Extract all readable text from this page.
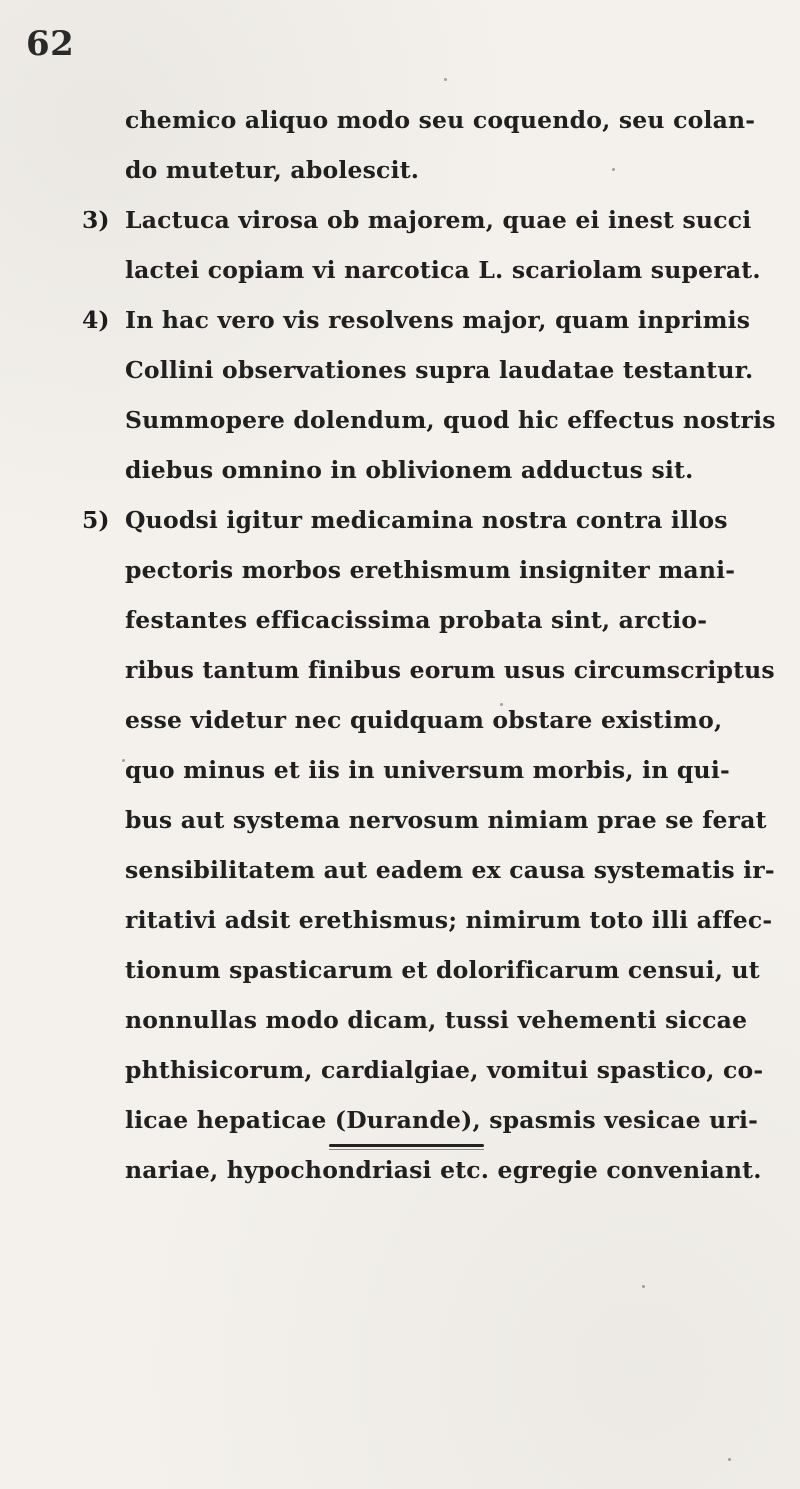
62
chemico aliquo modo seu coquendo, seu colan-
do mutetur, abolescit.
3) Lactuca virosa ob majorem, quae ei inest succi
lactei copiam vi narcotica L. scariolam superat.
4) In hac vero vis resolvens major, quam inprimis
Collini observationes supra laudatae testantur.
Summopere dolendum, quod hic effectus nostris
diebus omnino in oblivionem adductus sit.
5) Quodsi igitur medicamina nostra contra illos
pectoris morbos erethismum insigniter mani-
festantes efficacissima probata sint, arctio-
ribus tantum finibus eorum usus circumscriptus
esse videtur nec quidquam obstare existimo,
quo minus et iis in universum morbis, in qui-
bus aut systema nervosum nimiam prae se ferat
sensibilitatem aut eadem ex causa systematis ir-
ritativi adsit erethismus; nimirum toto illi affec-
tionum spasticarum et dolorificarum censui, ut
nonnullas modo dicam, tussi vehementi siccae
phthisicorum, cardialgiae, vomitui spastico, co-
licae hepaticae (Durande), spasmis vesicae uri-
nariae, hypochondriasi etc. egregie conveniant.
